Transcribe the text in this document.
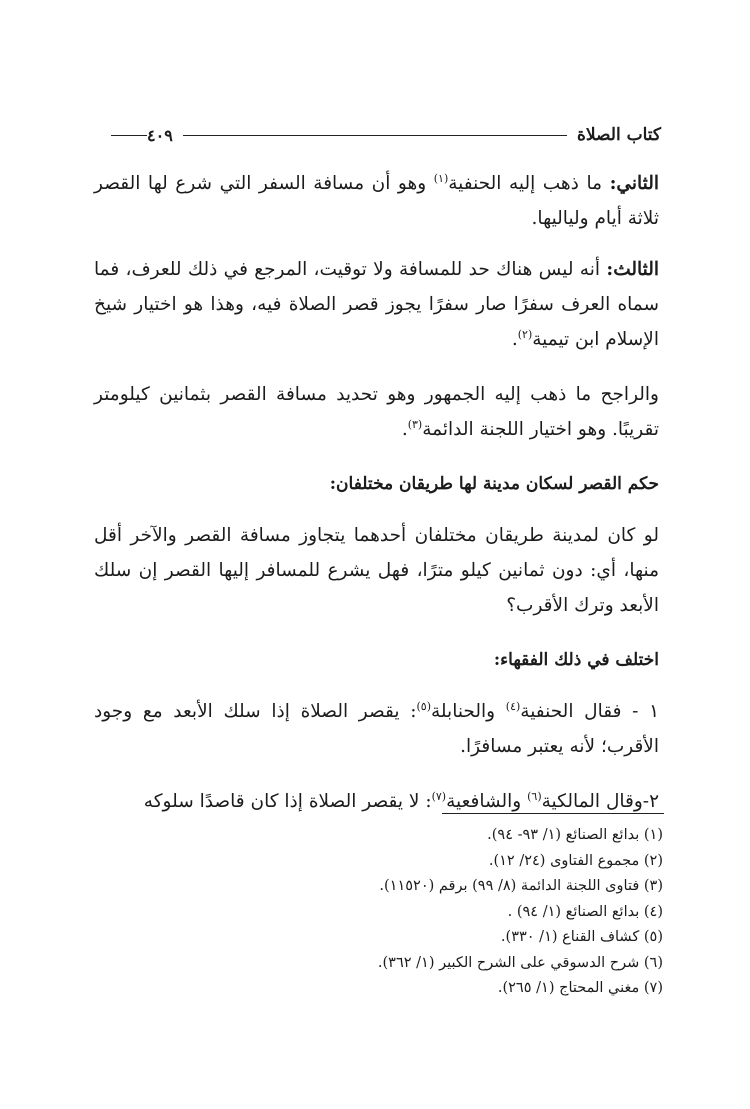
كتاب الصلاة
٤٠٩

الثاني: ما ذهب إليه الحنفية$^{(١)}$ وهو أن مسافة السفر التي شرع لها القصر ثلاثة أيام ولياليها.

الثالث: أنه ليس هناك حد للمسافة ولا توقيت، المرجع في ذلك للعرف، فما سماه العرف سفرًا صار سفرًا يجوز قصر الصلاة فيه، وهذا هو اختيار شيخ الإسلام ابن تيمية$^{(٢)}$.

والراجح ما ذهب إليه الجمهور وهو تحديد مسافة القصر بثمانين كيلومتر تقريبًا. وهو اختيار اللجنة الدائمة$^{(٣)}$.

حكم القصر لسكان مدينة لها طريقان مختلفان:

لو كان لمدينة طريقان مختلفان أحدهما يتجاوز مسافة القصر والآخر أقل منها، أي: دون ثمانين كيلو مترًا، فهل يشرع للمسافر إليها القصر إن سلك الأبعد وترك الأقرب؟

اختلف في ذلك الفقهاء:

١ - فقال الحنفية$^{(٤)}$ والحنابلة$^{(٥)}$: يقصر الصلاة إذا سلك الأبعد مع وجود الأقرب؛ لأنه يعتبر مسافرًا.

٢-وقال المالكية$^{(٦)}$ والشافعية$^{(٧)}$: لا يقصر الصلاة إذا كان قاصدًا سلوكه

(١) بدائع الصنائع (١/ ٩٣- ٩٤).
(٢) مجموع الفتاوى (٢٤/ ١٢).
(٣) فتاوى اللجنة الدائمة (٨/ ٩٩) برقم (١١٥٢٠).
(٤) بدائع الصنائع (١/ ٩٤) .
(٥) كشاف القناع (١/ ٣٣٠).
(٦) شرح الدسوقي على الشرح الكبير (١/ ٣٦٢).
(٧) مغني المحتاج (١/ ٢٦٥).
